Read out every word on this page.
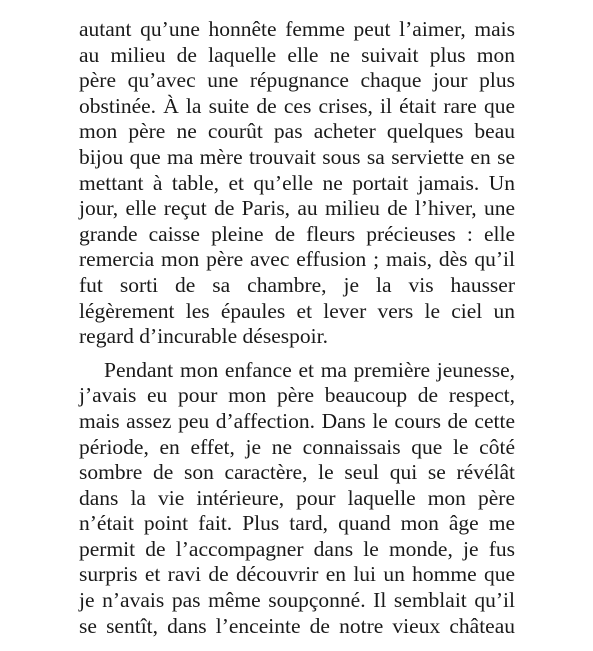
autant qu’une honnête femme peut l’aimer, mais
au milieu de laquelle elle ne suivait plus mon
père qu’avec une répugnance chaque jour plus
obstinée. À la suite de ces crises, il était rare que
mon père ne courût pas acheter quelques beau
bijou que ma mère trouvait sous sa serviette en se
mettant à table, et qu’elle ne portait jamais. Un
jour, elle reçut de Paris, au milieu de l’hiver, une
grande caisse pleine de fleurs précieuses : elle
remercia mon père avec effusion ; mais, dès qu’il
fut sorti de sa chambre, je la vis hausser
légèrement les épaules et lever vers le ciel un
regard d’incurable désespoir.
Pendant mon enfance et ma première jeunesse,
j’avais eu pour mon père beaucoup de respect,
mais assez peu d’affection. Dans le cours de cette
période, en effet, je ne connaissais que le côté
sombre de son caractère, le seul qui se révélât
dans la vie intérieure, pour laquelle mon père
n’était point fait. Plus tard, quand mon âge me
permit de l’accompagner dans le monde, je fus
surpris et ravi de découvrir en lui un homme que
je n’avais pas même soupçonné. Il semblait qu’il
se sentît, dans l’enceinte de notre vieux château
